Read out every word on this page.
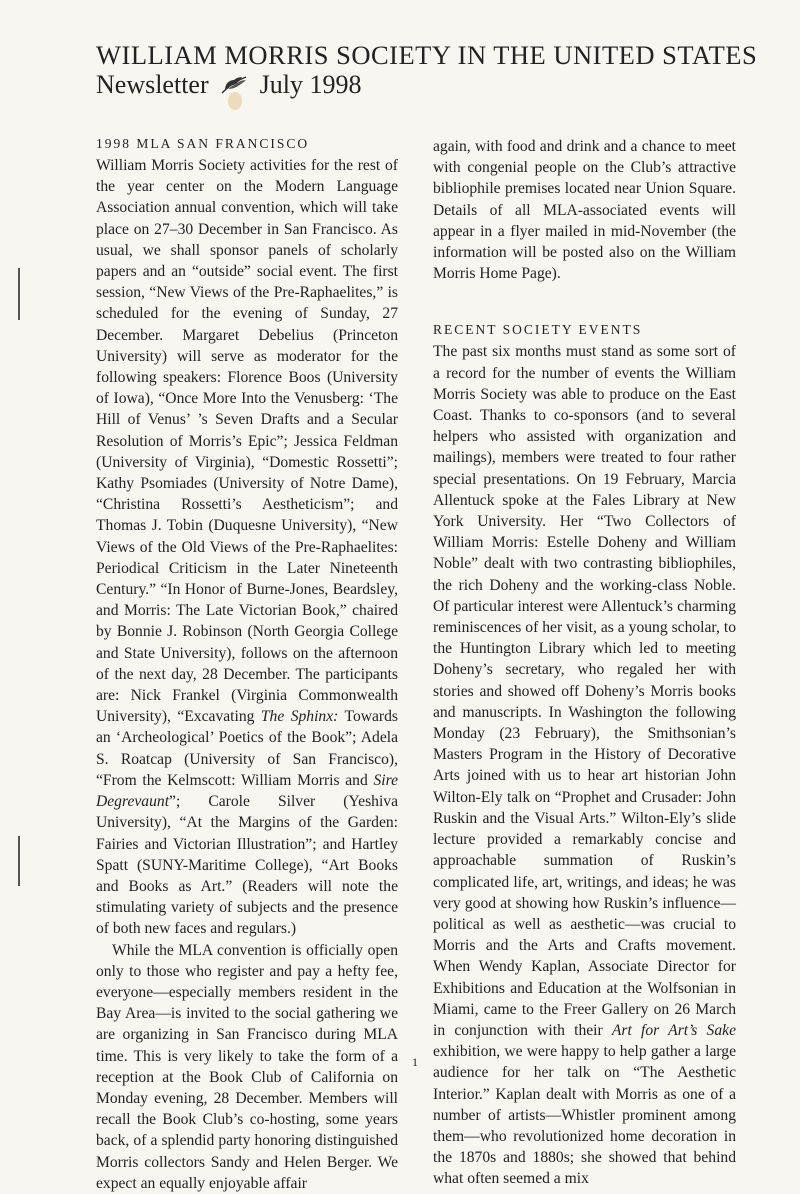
WILLIAM MORRIS SOCIETY IN THE UNITED STATES
Newsletter July 1998
1998 MLA SAN FRANCISCO

William Morris Society activities for the rest of the year center on the Modern Language Association annual convention, which will take place on 27–30 December in San Francisco. As usual, we shall sponsor panels of scholarly papers and an “outside” social event. The first session, “New Views of the Pre-Raphaelites,” is scheduled for the evening of Sunday, 27 December. Margaret Debelius (Princeton University) will serve as moderator for the following speakers: Florence Boos (University of Iowa), “Once More Into the Venusberg: ‘The Hill of Venus’ ’s Seven Drafts and a Secular Resolution of Morris’s Epic”; Jessica Feldman (University of Virginia), “Domestic Rossetti”; Kathy Psomiades (University of Notre Dame), “Christina Rossetti’s Aestheticism”; and Thomas J. Tobin (Duquesne University), “New Views of the Old Views of the Pre-Raphaelites: Periodical Criticism in the Later Nineteenth Century.” “In Honor of Burne-Jones, Beardsley, and Morris: The Late Victorian Book,” chaired by Bonnie J. Robinson (North Georgia College and State University), follows on the afternoon of the next day, 28 December. The participants are: Nick Frankel (Virginia Commonwealth University), “Excavating The Sphinx: Towards an ‘Archeological’ Poetics of the Book”; Adela S. Roatcap (University of San Francisco), “From the Kelmscott: William Morris and Sire Degrevaunt”; Carole Silver (Yeshiva University), “At the Margins of the Garden: Fairies and Victorian Illustration”; and Hartley Spatt (SUNY-Maritime College), “Art Books and Books as Art.” (Readers will note the stimulating variety of subjects and the presence of both new faces and regulars.)

While the MLA convention is officially open only to those who register and pay a hefty fee, everyone—especially members resident in the Bay Area—is invited to the social gathering we are organizing in San Francisco during MLA time. This is very likely to take the form of a reception at the Book Club of California on Monday evening, 28 December. Members will recall the Book Club’s co-hosting, some years back, of a splendid party honoring distinguished Morris collectors Sandy and Helen Berger. We expect an equally enjoyable affair

again, with food and drink and a chance to meet with congenial people on the Club’s attractive bibliophile premises located near Union Square. Details of all MLA-associated events will appear in a flyer mailed in mid-November (the information will be posted also on the William Morris Home Page).

RECENT SOCIETY EVENTS

The past six months must stand as some sort of a record for the number of events the William Morris Society was able to produce on the East Coast. Thanks to co-sponsors (and to several helpers who assisted with organization and mailings), members were treated to four rather special presentations. On 19 February, Marcia Allentuck spoke at the Fales Library at New York University. Her “Two Collectors of William Morris: Estelle Doheny and William Noble” dealt with two contrasting bibliophiles, the rich Doheny and the working-class Noble. Of particular interest were Allentuck’s charming reminiscences of her visit, as a young scholar, to the Huntington Library which led to meeting Doheny’s secretary, who regaled her with stories and showed off Doheny’s Morris books and manuscripts. In Washington the following Monday (23 February), the Smithsonian’s Masters Program in the History of Decorative Arts joined with us to hear art historian John Wilton-Ely talk on “Prophet and Crusader: John Ruskin and the Visual Arts.” Wilton-Ely’s slide lecture provided a remarkably concise and approachable summation of Ruskin’s complicated life, art, writings, and ideas; he was very good at showing how Ruskin’s influence—political as well as aesthetic—was crucial to Morris and the Arts and Crafts movement. When Wendy Kaplan, Associate Director for Exhibitions and Education at the Wolfsonian in Miami, came to the Freer Gallery on 26 March in conjunction with their Art for Art’s Sake exhibition, we were happy to help gather a large audience for her talk on “The Aesthetic Interior.” Kaplan dealt with Morris as one of a number of artists—Whistler prominent among them—who revolutionized home decoration in the 1870s and 1880s; she showed that behind what often seemed a mix

1
